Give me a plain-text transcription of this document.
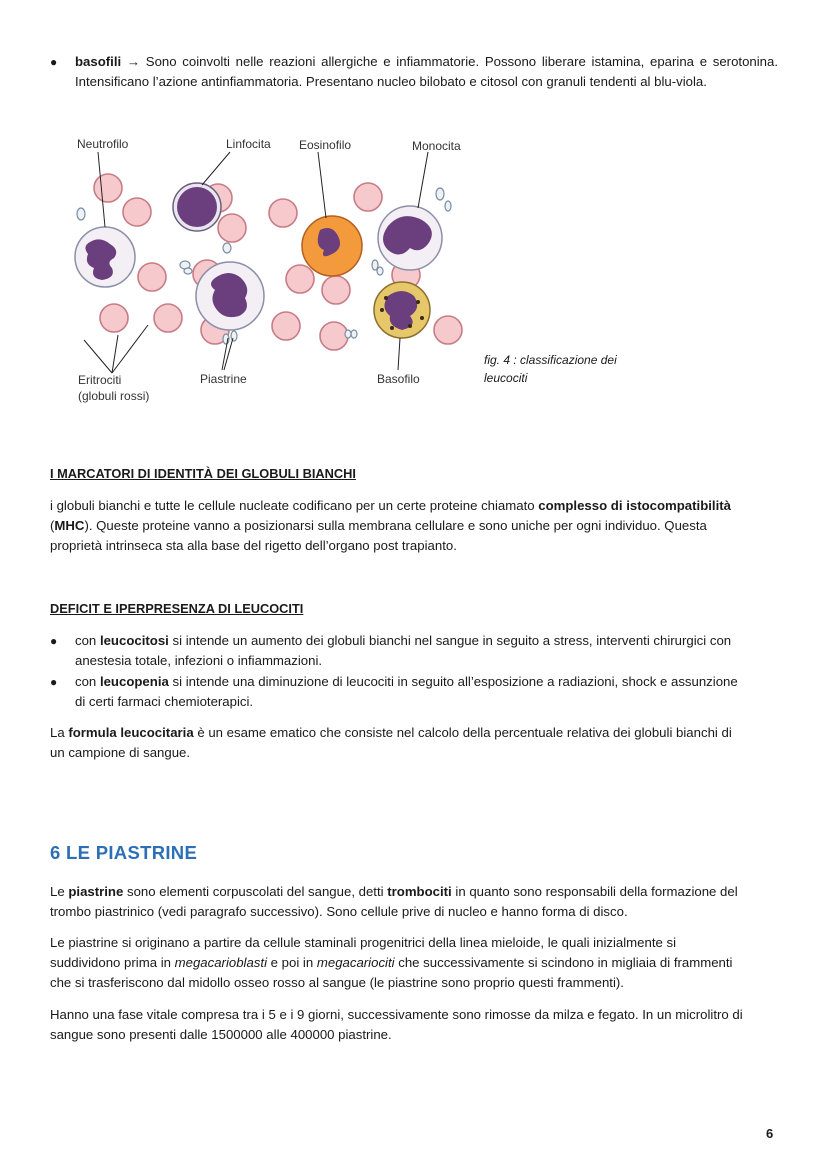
● basofili → Sono coinvolti nelle reazioni allergiche e infiammatorie. Possono liberare istamina, eparina e serotonina. Intensificano l’azione antinfiammatoria. Presentano nucleo bilobato e citosol con granuli tendenti al blu-viola.

Neutrofilo	Linfocita Eosinofilo	Monocita
Eritrociti
(globuli rossi)
Piastrine	Basofilo
fig. 4 : classificazione dei
leucociti
I MARCATORI DI IDENTITÀ DEI GLOBULI BIANCHI

i globuli bianchi e tutte le cellule nucleate codificano per un certe proteine chiamato complesso di istocompatibilità

(MHC). Queste proteine vanno a posizionarsi sulla membrana cellulare e sono uniche per ogni individuo. Questa

proprietà intrinseca sta alla base del rigetto dell’organo post trapianto.

DEFICIT E IPERPRESENZA DI LEUCOCITI
● con leucocitosi si intende un aumento dei globuli bianchi nel sangue in seguito a stress, interventi chirurgici con

anestesia totale, infezioni o infiammazioni.

● con leucopenia si intende una diminuzione di leucociti in seguito all’esposizione a radiazioni, shock e assunzione

di certi farmaci chemioterapici.

La formula leucocitaria è un esame ematico che consiste nel calcolo della percentuale relativa dei globuli bianchi di

un campione di sangue.

6 LE PIASTRINE

Le piastrine sono elementi corpuscolati del sangue, detti trombociti in quanto sono responsabili della formazione del

trombo piastrinico (vedi paragrafo successivo). Sono cellule prive di nucleo e hanno forma di disco.

Le piastrine si originano a partire da cellule staminali progenitrici della linea mieloide, le quali inizialmente si

suddividono prima in megacarioblasti e poi in megacariociti che successivamente si scindono in migliaia di frammenti

che si trasferiscono dal midollo osseo rosso al sangue (le piastrine sono proprio questi frammenti).

Hanno una fase vitale compresa tra i 5 e i 9 giorni, successivamente sono rimosse da milza e fegato. In un microlitro di

sangue sono presenti dalle 1500000 alle 400000 piastrine.

6
